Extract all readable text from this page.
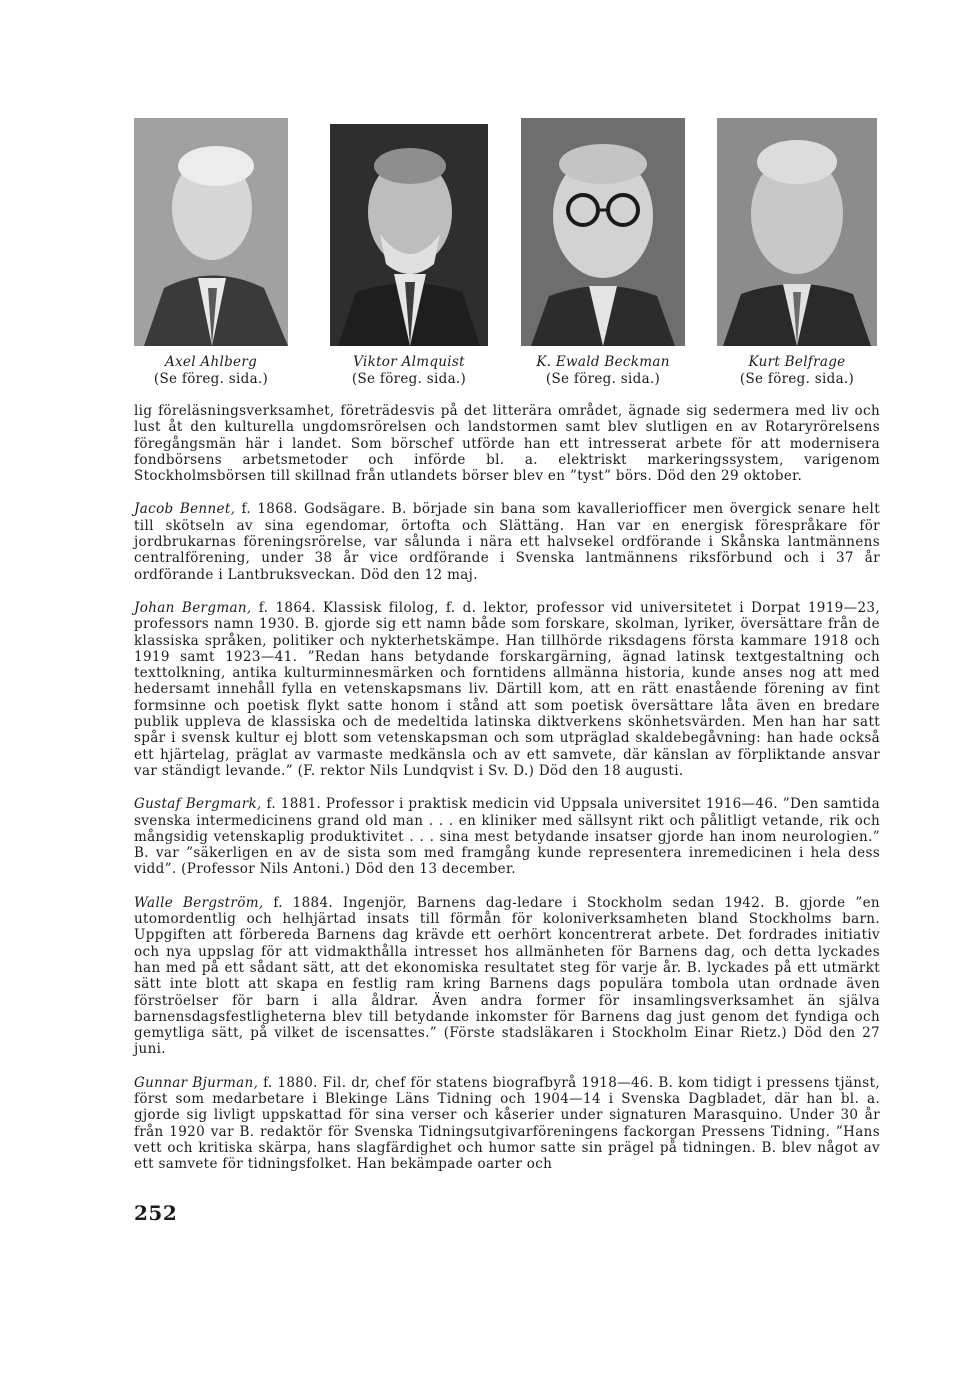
Axel Ahlberg
(Se föreg. sida.)
Viktor Almquist
(Se föreg. sida.)
K. Ewald Beckman
(Se föreg. sida.)
Kurt Belfrage
(Se föreg. sida.)

lig föreläsningsverksamhet, företrädesvis på det litterära området, ägnade sig sedermera med liv och lust åt den kulturella ungdomsrörelsen och landstormen samt blev slutligen en av Rotaryrörelsens föregångsmän här i landet. Som börschef utförde han ett intresserat arbete för att modernisera fondbörsens arbetsmetoder och införde bl. a. elektriskt markeringssystem, varigenom Stockholmsbörsen till skillnad från utlandets börser blev en ”tyst” börs. Död den 29 oktober.

Jacob Bennet, f. 1868. Godsägare. B. började sin bana som kavalleriofficer men övergick senare helt till skötseln av sina egendomar, örtofta och Slättäng. Han var en energisk förespråkare för jordbrukarnas föreningsrörelse, var sålunda i nära ett halvsekel ordförande i Skånska lantmännens centralförening, under 38 år vice ordförande i Svenska lantmännens riksförbund och i 37 år ordförande i Lantbruksveckan. Död den 12 maj.

Johan Bergman, f. 1864. Klassisk filolog, f. d. lektor, professor vid universitetet i Dorpat 1919—23, professors namn 1930. B. gjorde sig ett namn både som forskare, skolman, lyriker, översättare från de klassiska språken, politiker och nykterhetskämpe. Han tillhörde riksdagens första kammare 1918 och 1919 samt 1923—41. ”Redan hans betydande forskargärning, ägnad latinsk textgestaltning och texttolkning, antika kulturminnesmärken och forntidens allmänna historia, kunde anses nog att med hedersamt innehåll fylla en vetenskapsmans liv. Därtill kom, att en rätt enastående förening av fint formsinne och poetisk flykt satte honom i stånd att som poetisk översättare låta även en bredare publik uppleva de klassiska och de medeltida latinska diktverkens skönhetsvärden. Men han har satt spår i svensk kultur ej blott som vetenskapsman och som utpräglad skaldebegåvning: han hade också ett hjärtelag, präglat av varmaste medkänsla och av ett samvete, där känslan av förpliktande ansvar var ständigt levande.” (F. rektor Nils Lundqvist i Sv. D.) Död den 18 augusti.

Gustaf Bergmark, f. 1881. Professor i praktisk medicin vid Uppsala universitet 1916—46. ”Den samtida svenska intermedicinens grand old man . . . en kliniker med sällsynt rikt och pålitligt vetande, rik och mångsidig vetenskaplig produktivitet . . . sina mest betydande insatser gjorde han inom neurologien.” B. var ”säkerligen en av de sista som med framgång kunde representera inremedicinen i hela dess vidd”. (Professor Nils Antoni.) Död den 13 december.

Walle Bergström, f. 1884. Ingenjör, Barnens dag-ledare i Stockholm sedan 1942. B. gjorde ”en utomordentlig och helhjärtad insats till förmån för koloniverksamheten bland Stockholms barn. Uppgiften att förbereda Barnens dag krävde ett oerhört koncentrerat arbete. Det fordrades initiativ och nya uppslag för att vidmakthålla intresset hos allmänheten för Barnens dag, och detta lyckades han med på ett sådant sätt, att det ekonomiska resultatet steg för varje år. B. lyckades på ett utmärkt sätt inte blott att skapa en festlig ram kring Barnens dags populära tombola utan ordnade även förströelser för barn i alla åldrar. Även andra former för insamlingsverksamhet än själva barnensdagsfestligheterna blev till betydande inkomster för Barnens dag just genom det fyndiga och gemytliga sätt, på vilket de iscensattes.” (Förste stadsläkaren i Stockholm Einar Rietz.) Död den 27 juni.

Gunnar Bjurman, f. 1880. Fil. dr, chef för statens biografbyrå 1918—46. B. kom tidigt i pressens tjänst, först som medarbetare i Blekinge Läns Tidning och 1904—14 i Svenska Dagbladet, där han bl. a. gjorde sig livligt uppskattad för sina verser och kåserier under signaturen Marasquino. Under 30 år från 1920 var B. redaktör för Svenska Tidningsutgivarföreningens fackorgan Pressens Tidning. ”Hans vett och kritiska skärpa, hans slagfärdighet och humor satte sin prägel på tidningen. B. blev något av ett samvete för tidningsfolket. Han bekämpade oarter och

252
